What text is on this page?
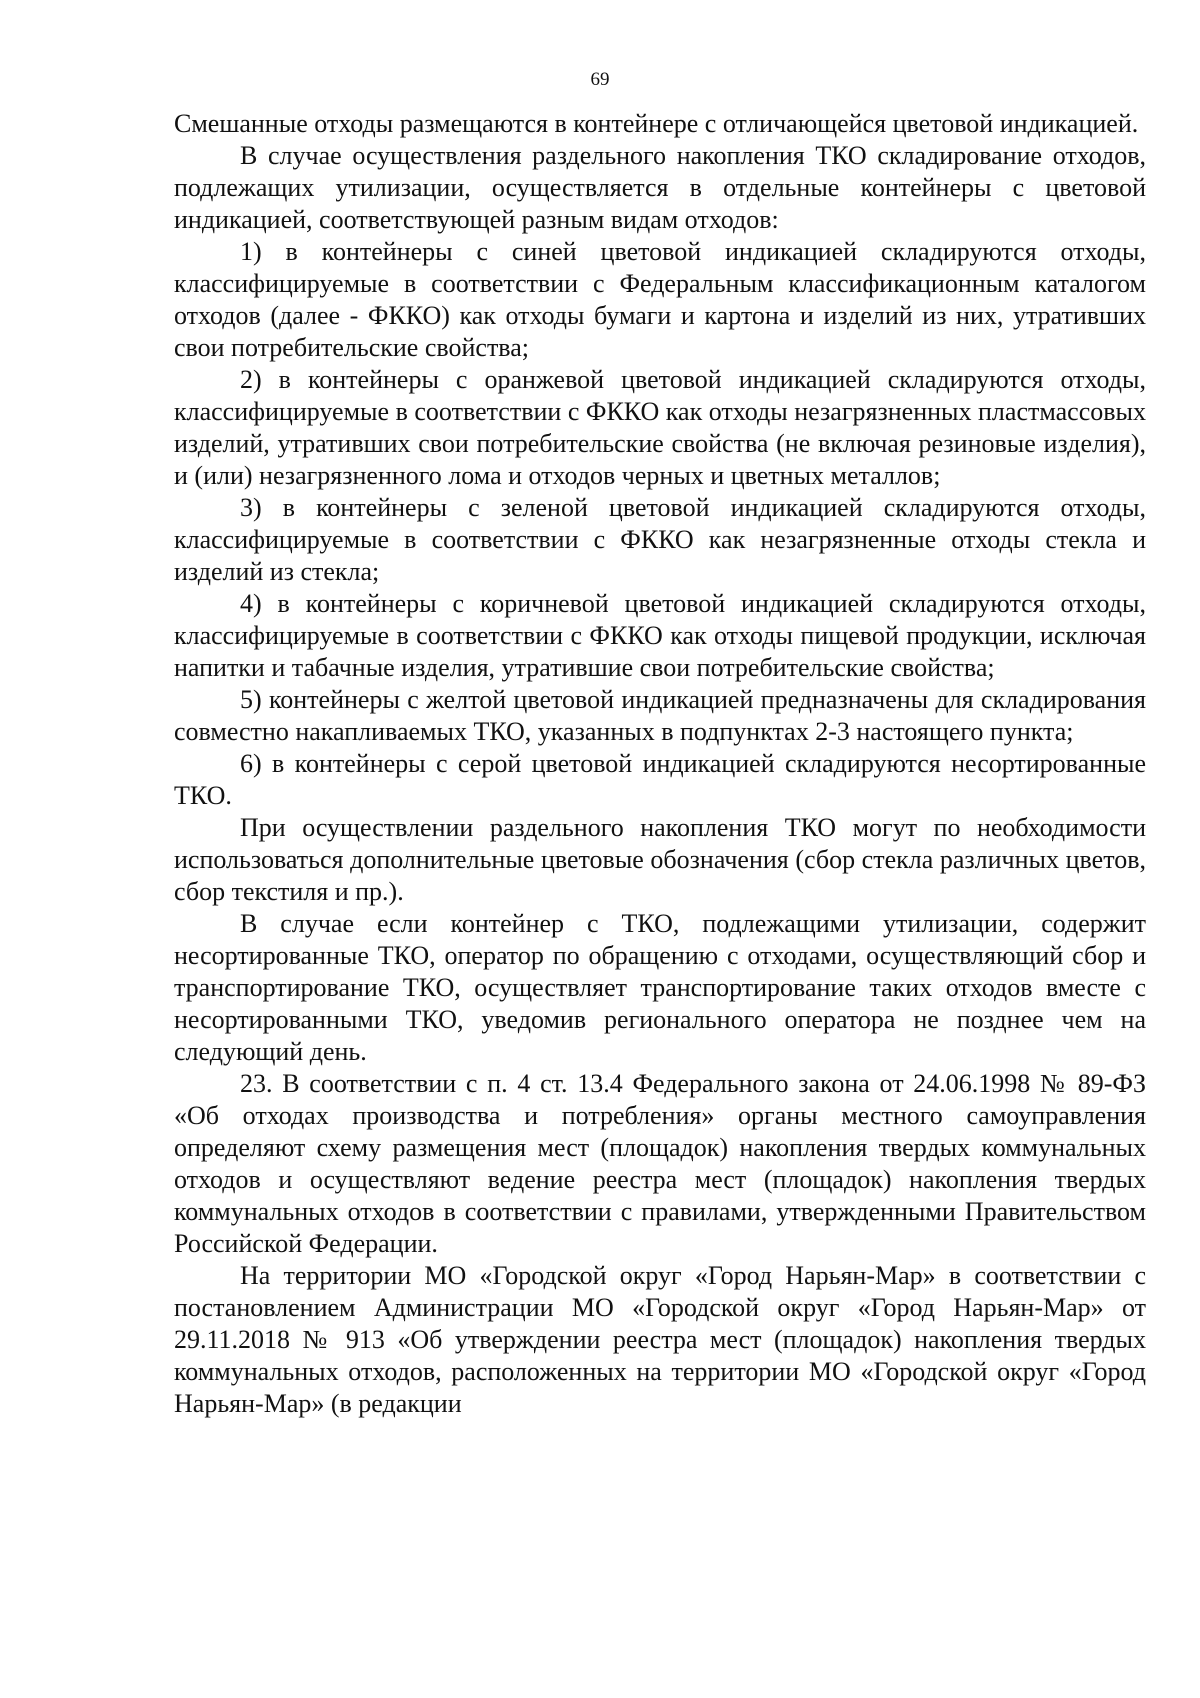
69

Смешанные отходы размещаются в контейнере с отличающейся цветовой индикацией.

В случае осуществления раздельного накопления ТКО складирование отходов, подлежащих утилизации, осуществляется в отдельные контейнеры с цветовой индикацией, соответствующей разным видам отходов:

1) в контейнеры с синей цветовой индикацией складируются отходы, классифицируемые в соответствии с Федеральным классификационным каталогом отходов (далее - ФККО) как отходы бумаги и картона и изделий из них, утративших свои потребительские свойства;

2) в контейнеры с оранжевой цветовой индикацией складируются отходы, классифицируемые в соответствии с ФККО как отходы незагрязненных пластмассовых изделий, утративших свои потребительские свойства (не включая резиновые изделия), и (или) незагрязненного лома и отходов черных и цветных металлов;

3) в контейнеры с зеленой цветовой индикацией складируются отходы, классифицируемые в соответствии с ФККО как незагрязненные отходы стекла и изделий из стекла;

4) в контейнеры с коричневой цветовой индикацией складируются отходы, классифицируемые в соответствии с ФККО как отходы пищевой продукции, исключая напитки и табачные изделия, утратившие свои потребительские свойства;

5) контейнеры с желтой цветовой индикацией предназначены для складирования совместно накапливаемых ТКО, указанных в подпунктах 2-3 настоящего пункта;

6) в контейнеры с серой цветовой индикацией складируются несортированные ТКО.

При осуществлении раздельного накопления ТКО могут по необходимости использоваться дополнительные цветовые обозначения (сбор стекла различных цветов, сбор текстиля и пр.).

В случае если контейнер с ТКО, подлежащими утилизации, содержит несортированные ТКО, оператор по обращению с отходами, осуществляющий сбор и транспортирование ТКО, осуществляет транспортирование таких отходов вместе с несортированными ТКО, уведомив регионального оператора не позднее чем на следующий день.

23. В соответствии с п. 4 ст. 13.4 Федерального закона от 24.06.1998 № 89-ФЗ «Об отходах производства и потребления» органы местного самоуправления определяют схему размещения мест (площадок) накопления твердых коммунальных отходов и осуществляют ведение реестра мест (площадок) накопления твердых коммунальных отходов в соответствии с правилами, утвержденными Правительством Российской Федерации.

На территории МО «Городской округ «Город Нарьян-Мар» в соответствии с постановлением Администрации МО «Городской округ «Город Нарьян-Мар» от 29.11.2018 № 913 «Об утверждении реестра мест (площадок) накопления твердых коммунальных отходов, расположенных на территории МО «Городской округ «Город Нарьян-Мар» (в редакции
